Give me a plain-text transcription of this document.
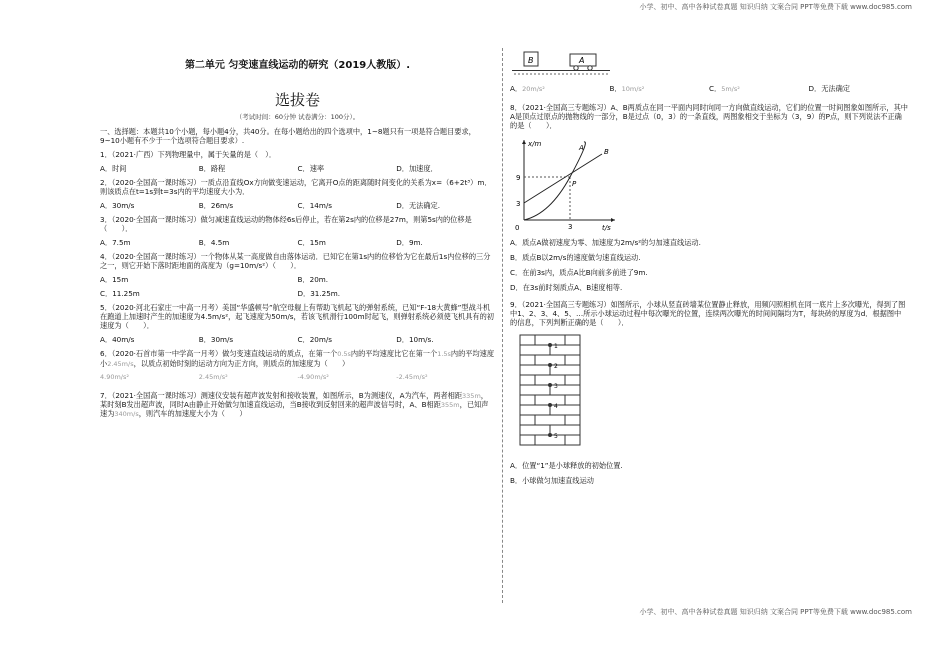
小学、初中、高中各种试卷真题 知识归纳 文案合同 PPT等免费下载 www.doc985.com

第二单元 匀变速直线运动的研究（2019人教版）.

选拔卷

（考试时间：60分钟 试卷满分：100分）。

一、选择题：本题共10个小题，每小题4分，共40分。在每小题给出的四个选项中，1~8题只有一项是符合题目要求，9~10小题有不少于一个选项符合题目要求）.

1．（2021·广西）下列物理量中，属于矢量的是（　）．

A．时间	B．路程	C．速率	D．加速度．

2．（2020·全国高一课时练习）一质点沿直线Ox方向做变速运动，它离开O点的距离随时间变化的关系为x=（6+2t³）m．则该质点在t=1s到t=3s内的平均速度大小为．

A．30m/s	B．26m/s	C．14m/s	D．无法确定.

3．（2020·全国高一课时练习）做匀减速直线运动的物体经6s后停止，若在第2s内的位移是27m，则第5s内的位移是（　　）．

A．7.5m	B．4.5m	C．15m	D．9m.

4．（2020·全国高一课时练习）一个物体从某一高度做自由落体运动．已知它在第1s内的位移恰为它在最后1s内位移的三分之一，则它开始下落时距地面的高度为（g=10m/s²）（　　）．

A．15m	B．20m.
C．11.25m	D．31.25m.

5．（2020·河北石家庄一中高一月考）美国“华盛顿号”航空母舰上有帮助飞机起飞的弹射系统，已知“F-18大黄蜂”型战斗机在跑道上加速时产生的加速度为4.5m/s²，起飞速度为50m/s，若该飞机滑行100m时起飞，则弹射系统必须使飞机具有的初速度为（　　）．

A．40m/s	B．30m/s	C．20m/s	D．10m/s.

6．（2020·石首市第一中学高一月考）做匀变速直线运动的质点，在第一个0.5s内的平均速度比它在第一个1.5s内的平均速度小2.45m/s，以质点初始时刻的运动方向为正方向，则质点的加速度为（　　）

4.90m/s²	2.45m/s²	-4.90m/s²	-2.45m/s²

7．（2021·全国高一课时练习）测速仪安装有超声波发射和接收装置，如图所示，B为测速仪，A为汽车，两者相距335m，某时刻B发出超声波，同时A由静止开始做匀加速直线运动，当B接收到反射回来的超声波信号时，A、B相距355m，已知声速为340m/s，则汽车的加速度大小为（　　）

B	A
A．20m/s²	B．10m/s²	C．5m/s²	D．无法确定

8．（2021·全国高三专题练习）A、B两质点在同一平面内同时向同一方向做直线运动，它们的位置一时间图象如图所示，其中A是顶点过原点的抛物线的一部分，B是过点（0，3）的一条直线，两图象相交于坐标为（3，9）的P点，则下列说法不正确的是（　　）．

x/m
t/s
0
9
3
3
A	B
P

A．质点A做初速度为零、加速度为2m/s²的匀加速直线运动.

B．质点B以2m/s的速度做匀速直线运动.

C．在前3s内，质点A比B向前多前进了9m.

D．在3s前时刻质点A、B速度相等.

9．（2021·全国高三专题练习）如图所示，小球从竖直砖墙某位置静止释放，用频闪照相机在同一底片上多次曝光，得到了图中1、2、3、4、5、…所示小球运动过程中每次曝光的位置，连续两次曝光的时间间隔均为T，每块砖的厚度为d．根据图中的信息，下列判断正确的是（　　）．

1
2
3
4
5

A．位置“1”是小球释放的初始位置.

B．小球做匀加速直线运动

小学、初中、高中各种试卷真题 知识归纳 文案合同 PPT等免费下载 www.doc985.com
